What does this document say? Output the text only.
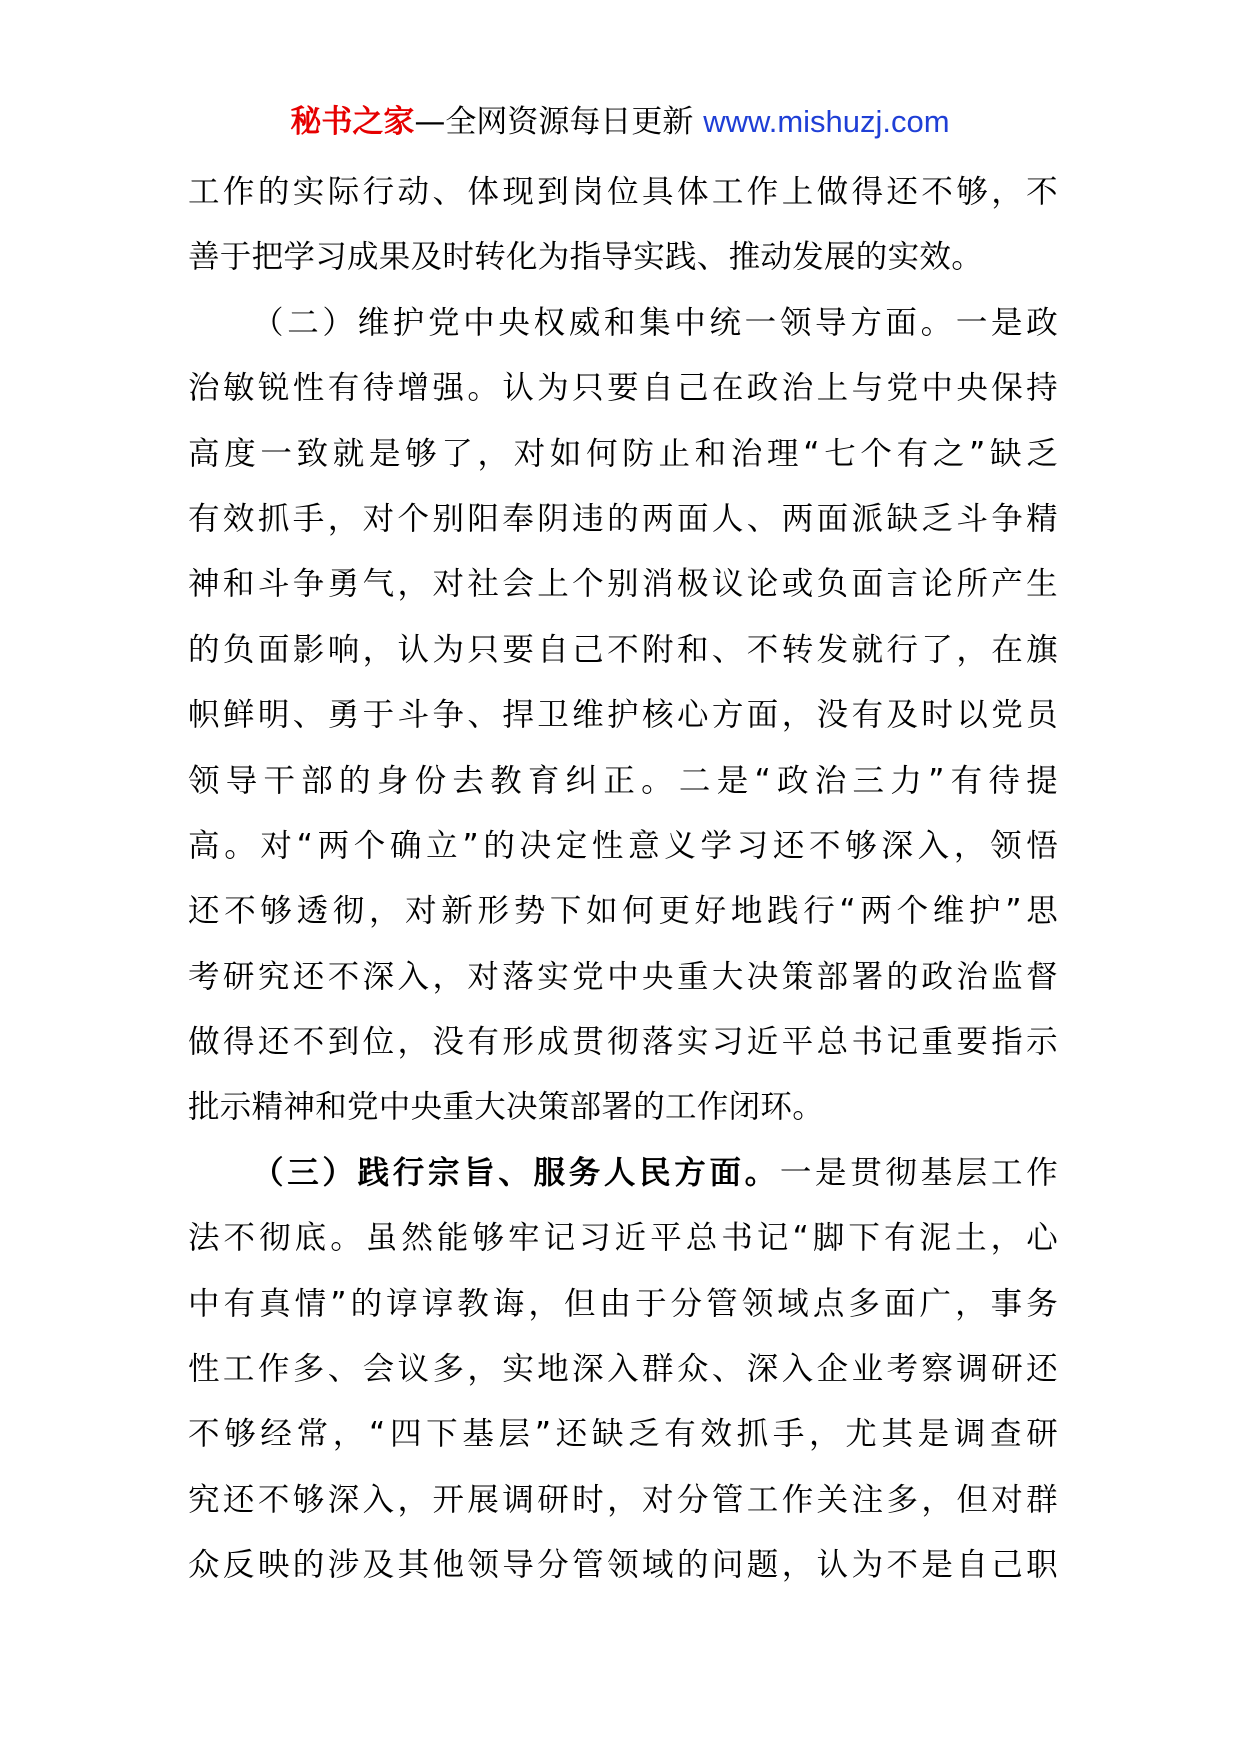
秘书之家—全网资源每日更新 www.mishuzj.com
工作的实际行动、体现到岗位具体工作上做得还不够，不
善于把学习成果及时转化为指导实践、推动发展的实效。
（二）维护党中央权威和集中统一领导方面。一是政
治敏锐性有待增强。认为只要自己在政治上与党中央保持
高度一致就是够了，对如何防止和治理“七个有之”缺乏
有效抓手，对个别阳奉阴违的两面人、两面派缺乏斗争精
神和斗争勇气，对社会上个别消极议论或负面言论所产生
的负面影响，认为只要自己不附和、不转发就行了，在旗
帜鲜明、勇于斗争、捍卫维护核心方面，没有及时以党员
领导干部的身份去教育纠正。二是“政治三力”有待提
高。对“两个确立”的决定性意义学习还不够深入，领悟
还不够透彻，对新形势下如何更好地践行“两个维护”思
考研究还不深入，对落实党中央重大决策部署的政治监督
做得还不到位，没有形成贯彻落实习近平总书记重要指示
批示精神和党中央重大决策部署的工作闭环。
（三）践行宗旨、服务人民方面。一是贯彻基层工作
法不彻底。虽然能够牢记习近平总书记“脚下有泥土，心
中有真情”的谆谆教诲，但由于分管领域点多面广，事务
性工作多、会议多，实地深入群众、深入企业考察调研还
不够经常，“四下基层”还缺乏有效抓手，尤其是调查研
究还不够深入，开展调研时，对分管工作关注多，但对群
众反映的涉及其他领导分管领域的问题，认为不是自己职
